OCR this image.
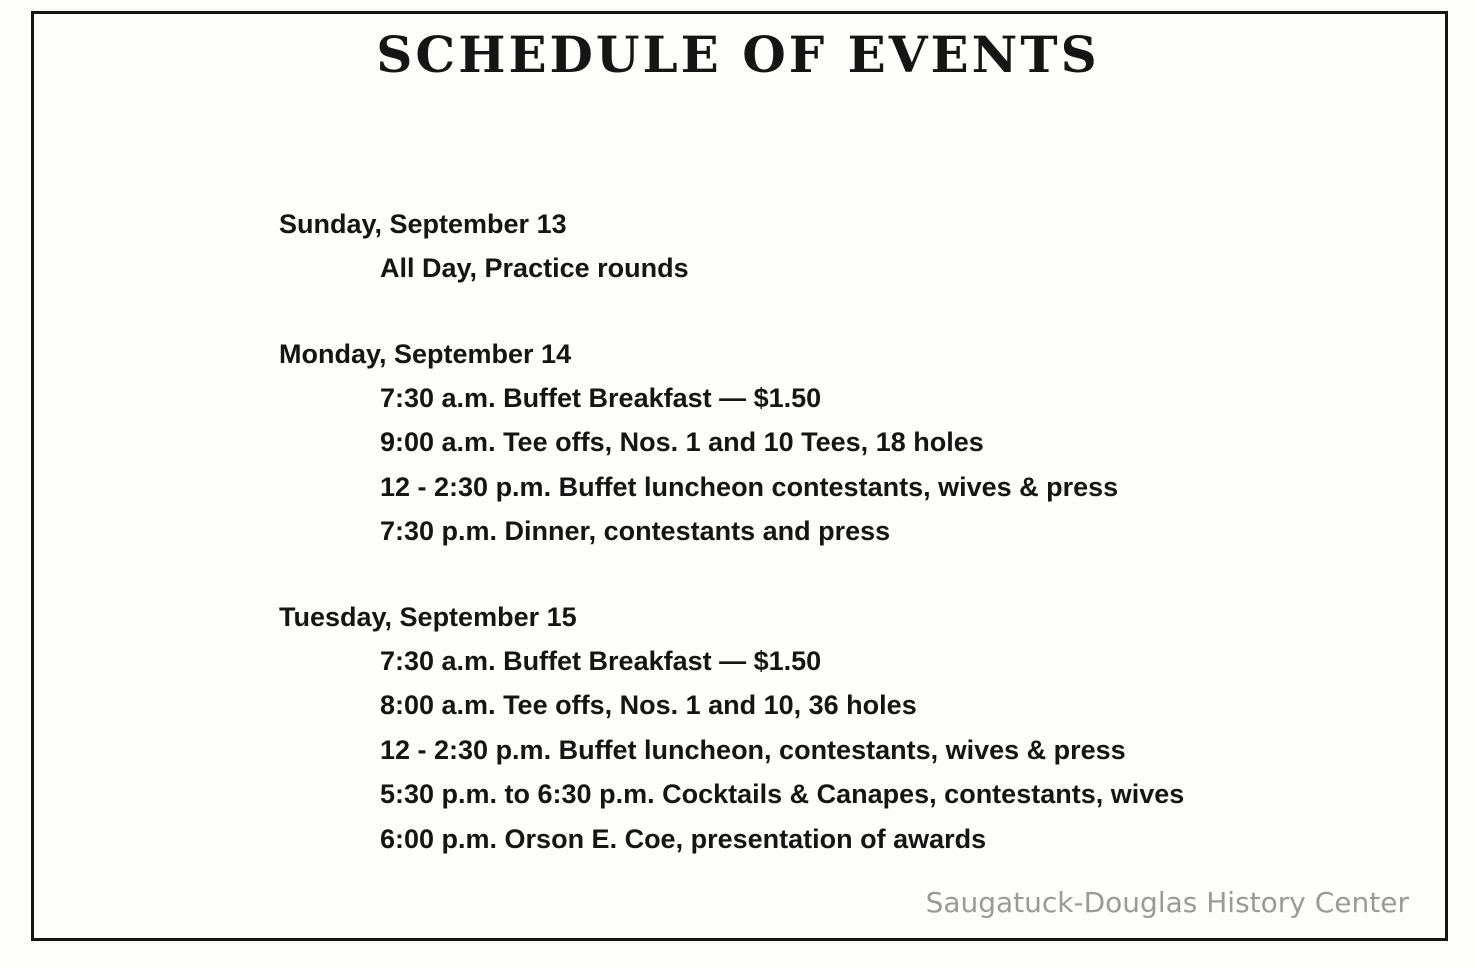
SCHEDULE OF EVENTS
Sunday, September 13
All Day, Practice rounds
Monday, September 14
7:30 a.m. Buffet Breakfast — $1.50
9:00 a.m. Tee offs, Nos. 1 and 10 Tees, 18 holes
12 - 2:30 p.m. Buffet luncheon contestants, wives & press
7:30 p.m. Dinner, contestants and press
Tuesday, September 15
7:30 a.m. Buffet Breakfast — $1.50
8:00 a.m. Tee offs, Nos. 1 and 10, 36 holes
12 - 2:30 p.m. Buffet luncheon, contestants, wives & press
5:30 p.m. to 6:30 p.m. Cocktails & Canapes, contestants, wives
6:00 p.m. Orson E. Coe, presentation of awards
Saugatuck-Douglas History Center
